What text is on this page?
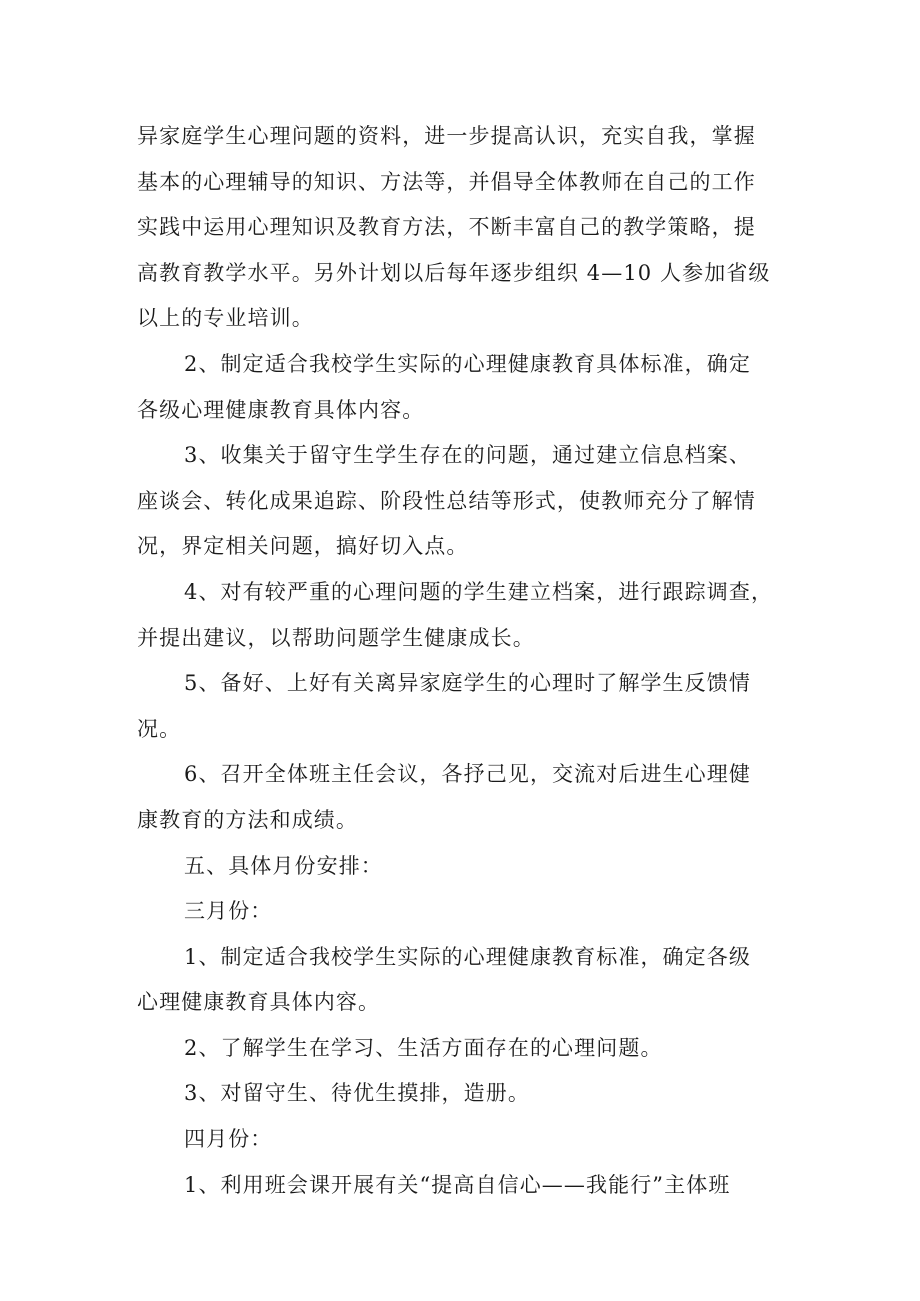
异家庭学生心理问题的资料，进一步提高认识，充实自我，掌握
基本的心理辅导的知识、方法等，并倡导全体教师在自己的工作
实践中运用心理知识及教育方法，不断丰富自己的教学策略，提
高教育教学水平。另外计划以后每年逐步组织 4—10 人参加省级
以上的专业培训。
2、制定适合我校学生实际的心理健康教育具体标准，确定
各级心理健康教育具体内容。
3、收集关于留守生学生存在的问题，通过建立信息档案、
座谈会、转化成果追踪、阶段性总结等形式，使教师充分了解情
况，界定相关问题，搞好切入点。
4、对有较严重的心理问题的学生建立档案，进行跟踪调查，
并提出建议，以帮助问题学生健康成长。
5、备好、上好有关离异家庭学生的心理时了解学生反馈情
况。
6、召开全体班主任会议，各抒己见，交流对后进生心理健
康教育的方法和成绩。
五、具体月份安排：
三月份：
1、制定适合我校学生实际的心理健康教育标准，确定各级
心理健康教育具体内容。
2、了解学生在学习、生活方面存在的心理问题。
3、对留守生、待优生摸排，造册。
四月份：
1、利用班会课开展有关“提高自信心——我能行”主体班
